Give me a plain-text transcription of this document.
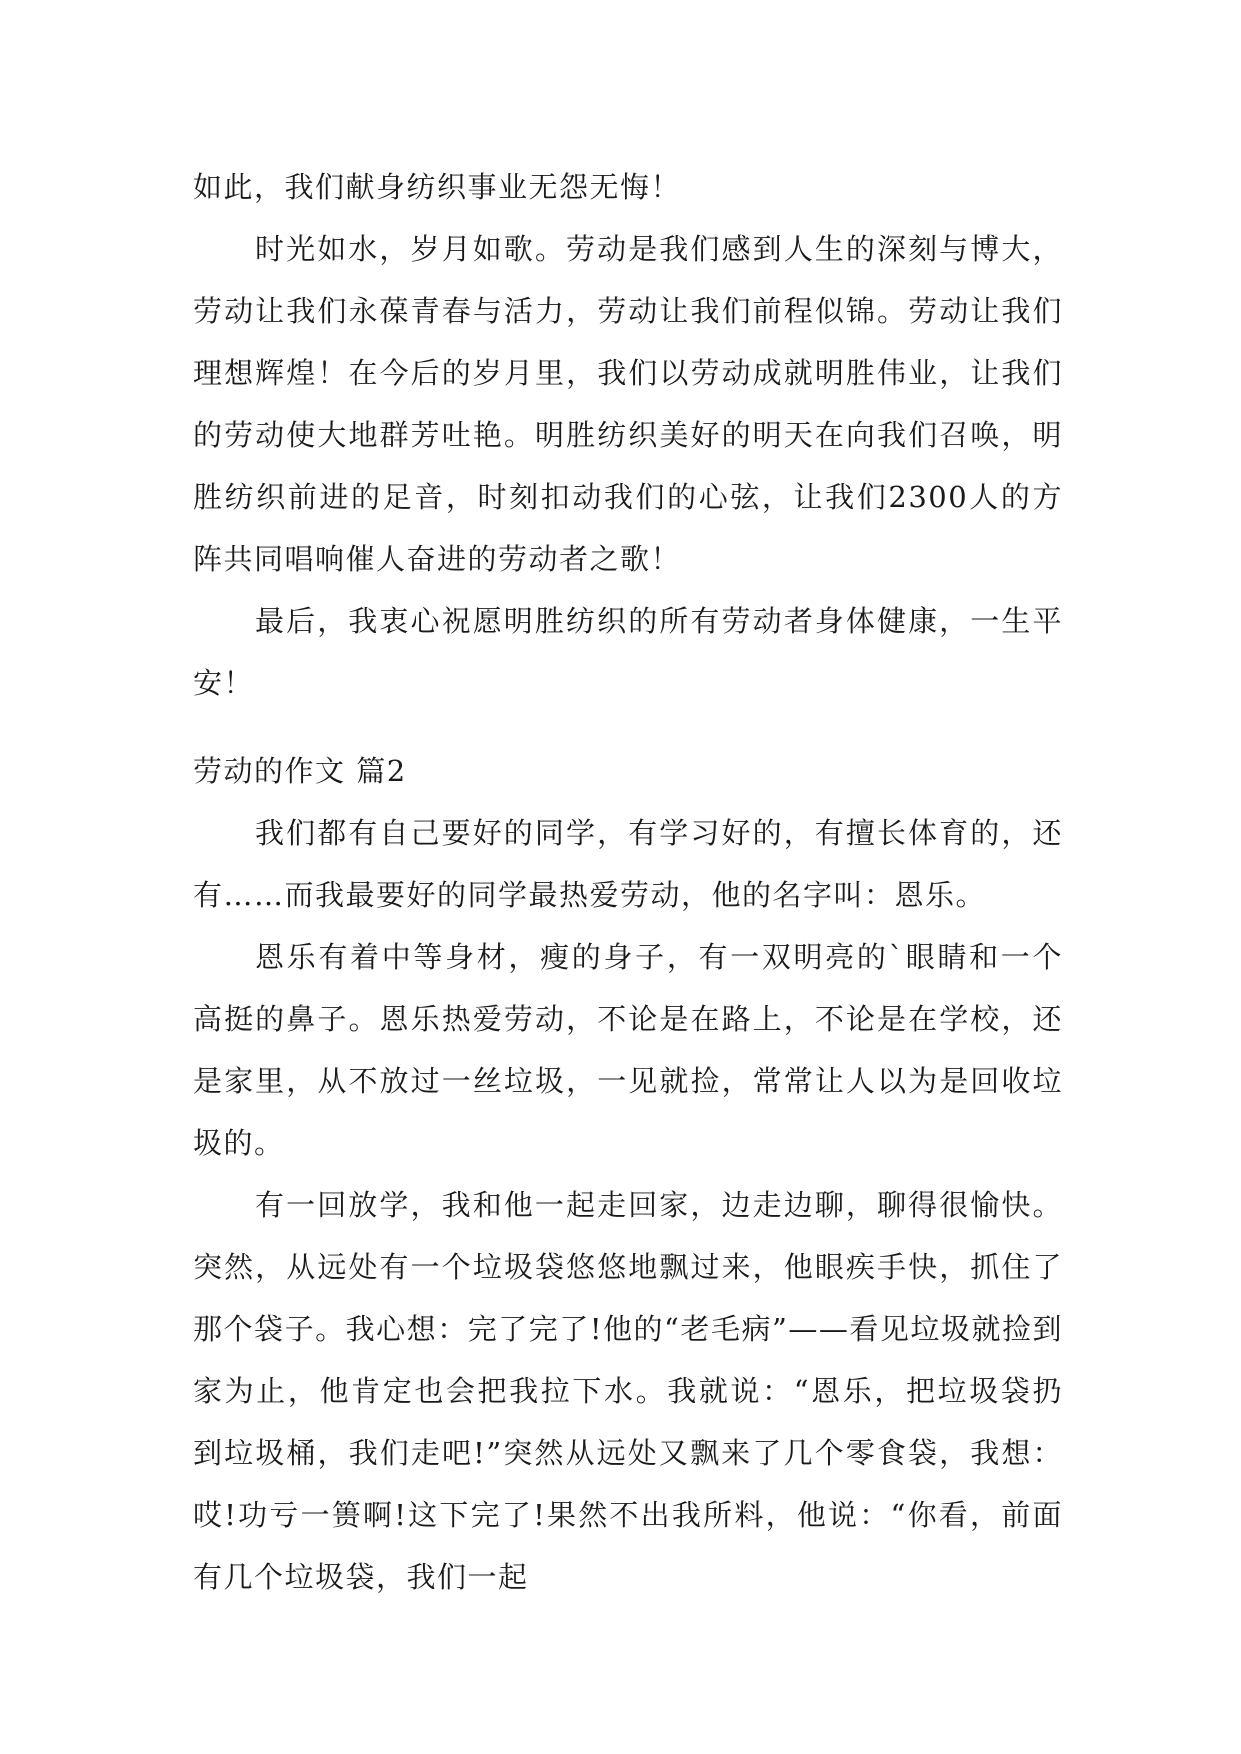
如此，我们献身纺织事业无怨无悔！

时光如水，岁月如歌。劳动是我们感到人生的深刻与博大，劳动让我们永葆青春与活力，劳动让我们前程似锦。劳动让我们理想辉煌！在今后的岁月里，我们以劳动成就明胜伟业，让我们的劳动使大地群芳吐艳。明胜纺织美好的明天在向我们召唤，明胜纺织前进的足音，时刻扣动我们的心弦，让我们2300人的方阵共同唱响催人奋进的劳动者之歌！

最后，我衷心祝愿明胜纺织的所有劳动者身体健康，一生平安！

劳动的作文 篇2

我们都有自己要好的同学，有学习好的，有擅长体育的，还有……而我最要好的同学最热爱劳动，他的名字叫：恩乐。

恩乐有着中等身材，瘦的身子，有一双明亮的`眼睛和一个高挺的鼻子。恩乐热爱劳动，不论是在路上，不论是在学校，还是家里，从不放过一丝垃圾，一见就捡，常常让人以为是回收垃圾的。

有一回放学，我和他一起走回家，边走边聊，聊得很愉快。突然，从远处有一个垃圾袋悠悠地飘过来，他眼疾手快，抓住了那个袋子。我心想：完了完了!他的“老毛病”——看见垃圾就捡到家为止，他肯定也会把我拉下水。我就说：“恩乐，把垃圾袋扔到垃圾桶，我们走吧!”突然从远处又飘来了几个零食袋，我想：哎!功亏一篑啊!这下完了!果然不出我所料，他说：“你看，前面有几个垃圾袋，我们一起
